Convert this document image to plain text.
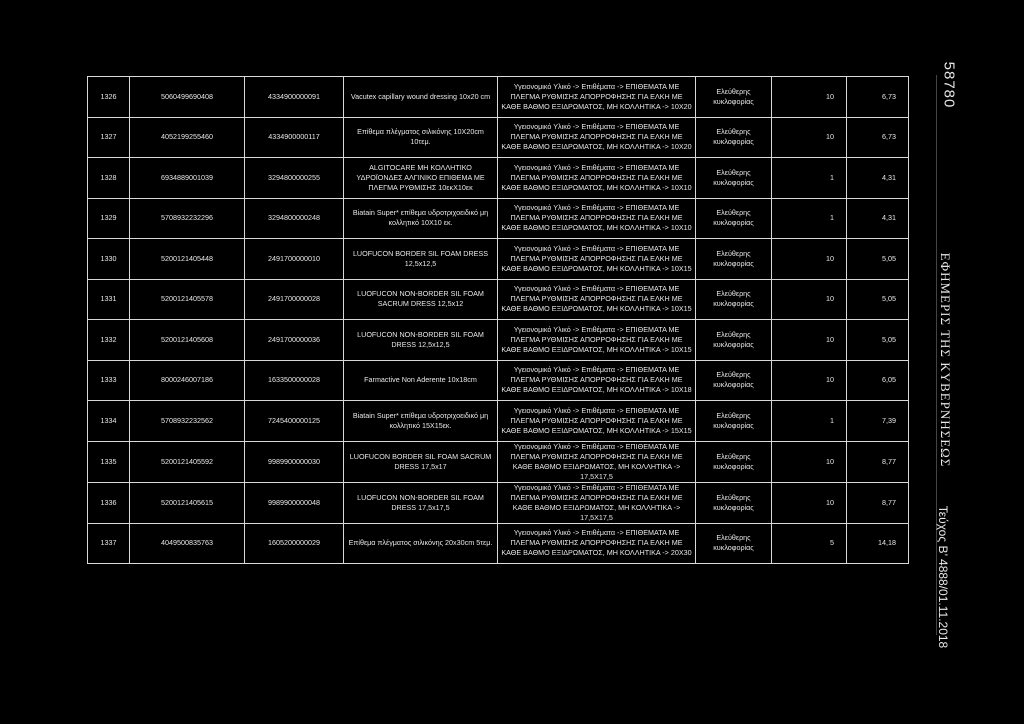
1326	5060499690408	4334900000091	Vacutex capillary wound dressing 10x20 cm	Υγειονομικό Υλικό -> Επιθέματα -> ΕΠΙΘΕΜΑΤΑ ΜΕ ΠΛΕΓΜΑ ΡΥΘΜΙΣΗΣ ΑΠΟΡΡΟΦΗΣΗΣ ΓΙΑ ΕΛΚΗ ΜΕ ΚΑΘΕ ΒΑΘΜΟ ΕΞΙΔΡΩΜΑΤΟΣ, ΜΗ ΚΟΛΛΗΤΙΚΑ -> 10Χ20	Ελεύθερης κυκλοφορίας	10	6,73
1327	4052199255460	4334900000117	Επίθεμα πλέγματος σιλικόνης 10Χ20cm 10τεμ.	Υγειονομικό Υλικό -> Επιθέματα -> ΕΠΙΘΕΜΑΤΑ ΜΕ ΠΛΕΓΜΑ ΡΥΘΜΙΣΗΣ ΑΠΟΡΡΟΦΗΣΗΣ ΓΙΑ ΕΛΚΗ ΜΕ ΚΑΘΕ ΒΑΘΜΟ ΕΞΙΔΡΩΜΑΤΟΣ, ΜΗ ΚΟΛΛΗΤΙΚΑ -> 10Χ20	Ελεύθερης κυκλοφορίας	10	6,73
1328	6934889001039	3294800000255	ALGITOCARE ΜΗ ΚΟΛΛΗΤΙΚΟ ΥΔΡΟΪΟΝΔΕΣ ΑΛΓΙΝΙΚΟ ΕΠΙΘΕΜΑ ΜΕ ΠΛΕΓΜΑ ΡΥΘΜΙΣΗΣ 10εκΧ10εκ	Υγειονομικό Υλικό -> Επιθέματα -> ΕΠΙΘΕΜΑΤΑ ΜΕ ΠΛΕΓΜΑ ΡΥΘΜΙΣΗΣ ΑΠΟΡΡΟΦΗΣΗΣ ΓΙΑ ΕΛΚΗ ΜΕ ΚΑΘΕ ΒΑΘΜΟ ΕΞΙΔΡΩΜΑΤΟΣ, ΜΗ ΚΟΛΛΗΤΙΚΑ -> 10Χ10	Ελεύθερης κυκλοφορίας	1	4,31
1329	5708932232296	3294800000248	Biatain Super* επίθεμα υδροτριχοειδικό μη κολλητικό 10Χ10 εκ.	Υγειονομικό Υλικό -> Επιθέματα -> ΕΠΙΘΕΜΑΤΑ ΜΕ ΠΛΕΓΜΑ ΡΥΘΜΙΣΗΣ ΑΠΟΡΡΟΦΗΣΗΣ ΓΙΑ ΕΛΚΗ ΜΕ ΚΑΘΕ ΒΑΘΜΟ ΕΞΙΔΡΩΜΑΤΟΣ, ΜΗ ΚΟΛΛΗΤΙΚΑ -> 10Χ10	Ελεύθερης κυκλοφορίας	1	4,31
1330	5200121405448	2491700000010	LUOFUCON BORDER SIL FOAM DRESS 12,5x12,5	Υγειονομικό Υλικό -> Επιθέματα -> ΕΠΙΘΕΜΑΤΑ ΜΕ ΠΛΕΓΜΑ ΡΥΘΜΙΣΗΣ ΑΠΟΡΡΟΦΗΣΗΣ ΓΙΑ ΕΛΚΗ ΜΕ ΚΑΘΕ ΒΑΘΜΟ ΕΞΙΔΡΩΜΑΤΟΣ, ΜΗ ΚΟΛΛΗΤΙΚΑ -> 10Χ15	Ελεύθερης κυκλοφορίας	10	5,05
1331	5200121405578	2491700000028	LUOFUCON NON-BORDER SIL FOAM SACRUM DRESS 12,5x12	Υγειονομικό Υλικό -> Επιθέματα -> ΕΠΙΘΕΜΑΤΑ ΜΕ ΠΛΕΓΜΑ ΡΥΘΜΙΣΗΣ ΑΠΟΡΡΟΦΗΣΗΣ ΓΙΑ ΕΛΚΗ ΜΕ ΚΑΘΕ ΒΑΘΜΟ ΕΞΙΔΡΩΜΑΤΟΣ, ΜΗ ΚΟΛΛΗΤΙΚΑ -> 10Χ15	Ελεύθερης κυκλοφορίας	10	5,05
1332	5200121405608	2491700000036	LUOFUCON NON-BORDER SIL FOAM DRESS 12,5x12,5	Υγειονομικό Υλικό -> Επιθέματα -> ΕΠΙΘΕΜΑΤΑ ΜΕ ΠΛΕΓΜΑ ΡΥΘΜΙΣΗΣ ΑΠΟΡΡΟΦΗΣΗΣ ΓΙΑ ΕΛΚΗ ΜΕ ΚΑΘΕ ΒΑΘΜΟ ΕΞΙΔΡΩΜΑΤΟΣ, ΜΗ ΚΟΛΛΗΤΙΚΑ -> 10Χ15	Ελεύθερης κυκλοφορίας	10	5,05
1333	8000246007186	1633500000028	Farmactive Non Aderente 10x18cm	Υγειονομικό Υλικό -> Επιθέματα -> ΕΠΙΘΕΜΑΤΑ ΜΕ ΠΛΕΓΜΑ ΡΥΘΜΙΣΗΣ ΑΠΟΡΡΟΦΗΣΗΣ ΓΙΑ ΕΛΚΗ ΜΕ ΚΑΘΕ ΒΑΘΜΟ ΕΞΙΔΡΩΜΑΤΟΣ, ΜΗ ΚΟΛΛΗΤΙΚΑ -> 10Χ18	Ελεύθερης κυκλοφορίας	10	6,05
1334	5708932232562	7245400000125	Biatain Super* επίθεμα υδροτριχοειδικό μη κολλητικό 15Χ15εκ.	Υγειονομικό Υλικό -> Επιθέματα -> ΕΠΙΘΕΜΑΤΑ ΜΕ ΠΛΕΓΜΑ ΡΥΘΜΙΣΗΣ ΑΠΟΡΡΟΦΗΣΗΣ ΓΙΑ ΕΛΚΗ ΜΕ ΚΑΘΕ ΒΑΘΜΟ ΕΞΙΔΡΩΜΑΤΟΣ, ΜΗ ΚΟΛΛΗΤΙΚΑ -> 15Χ15	Ελεύθερης κυκλοφορίας	1	7,39
1335	5200121405592	9989900000030	LUOFUCON BORDER SIL FOAM SACRUM DRESS 17,5x17	Υγειονομικό Υλικό -> Επιθέματα -> ΕΠΙΘΕΜΑΤΑ ΜΕ ΠΛΕΓΜΑ ΡΥΘΜΙΣΗΣ ΑΠΟΡΡΟΦΗΣΗΣ ΓΙΑ ΕΛΚΗ ΜΕ ΚΑΘΕ ΒΑΘΜΟ ΕΞΙΔΡΩΜΑΤΟΣ, ΜΗ ΚΟΛΛΗΤΙΚΑ -> 17,5Χ17,5	Ελεύθερης κυκλοφορίας	10	8,77
1336	5200121405615	9989900000048	LUOFUCON NON-BORDER SIL FOAM DRESS 17,5x17,5	Υγειονομικό Υλικό -> Επιθέματα -> ΕΠΙΘΕΜΑΤΑ ΜΕ ΠΛΕΓΜΑ ΡΥΘΜΙΣΗΣ ΑΠΟΡΡΟΦΗΣΗΣ ΓΙΑ ΕΛΚΗ ΜΕ ΚΑΘΕ ΒΑΘΜΟ ΕΞΙΔΡΩΜΑΤΟΣ, ΜΗ ΚΟΛΛΗΤΙΚΑ -> 17,5Χ17,5	Ελεύθερης κυκλοφορίας	10	8,77
1337	4049500835763	1605200000029	Επίθεμα πλέγματος σιλικόνης 20x30cm 5τεμ.	Υγειονομικό Υλικό -> Επιθέματα -> ΕΠΙΘΕΜΑΤΑ ΜΕ ΠΛΕΓΜΑ ΡΥΘΜΙΣΗΣ ΑΠΟΡΡΟΦΗΣΗΣ ΓΙΑ ΕΛΚΗ ΜΕ ΚΑΘΕ ΒΑΘΜΟ ΕΞΙΔΡΩΜΑΤΟΣ, ΜΗ ΚΟΛΛΗΤΙΚΑ -> 20Χ30	Ελεύθερης κυκλοφορίας	5	14,18
58780
ΕΦΗΜΕΡΙΣ ΤΗΣ ΚΥΒΕΡΝΗΣΕΩΣ
Τεύχος Β’ 4888/01.11.2018
